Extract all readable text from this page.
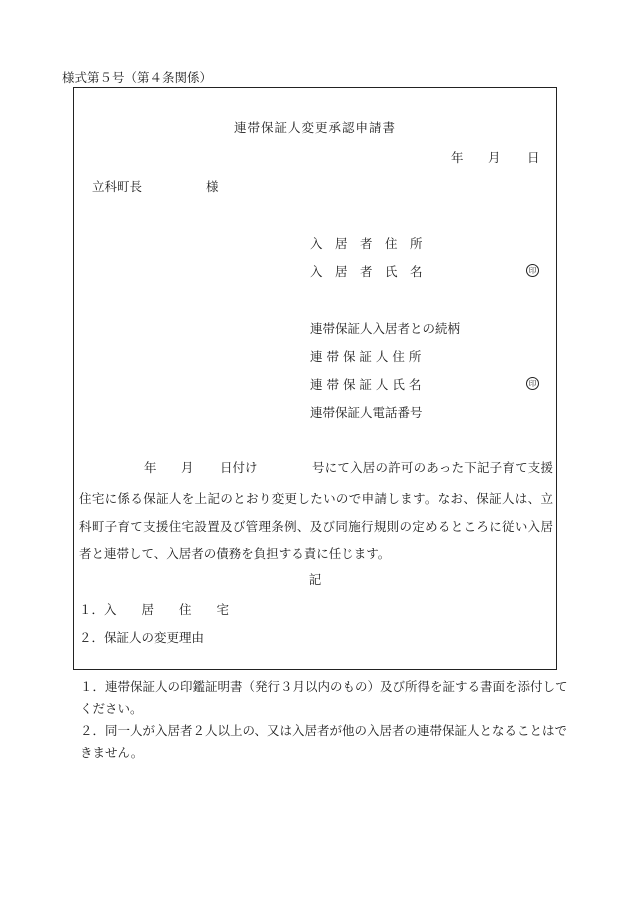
様式第５号（第４条関係）
連帯保証人変更承認申請書
年 月 日
立科町長	様
入　居　者　住　所
入　居　者　氏　名	印
連帯保証人入居者との続柄
連 帯 保 証 人 住 所
連 帯 保 証 人 氏 名	印
連帯保証人電話番号
年 月 日付け	号にて入居の許可のあった下記子育て支援
住宅に係る保証人を上記のとおり変更したいので申請します。なお、保証人は、立
科町子育て支援住宅設置及び管理条例、及び同施行規則の定めるところに従い入居
者と連帯して、入居者の債務を負担する責に任じます。
記
１．入　　居　　住　　宅
２．保証人の変更理由
１．連帯保証人の印鑑証明書（発行３月以内のもの）及び所得を証する書面を添付して　ください。
２．同一人が入居者２人以上の、又は入居者が他の入居者の連帯保証人となることはで　きません。
